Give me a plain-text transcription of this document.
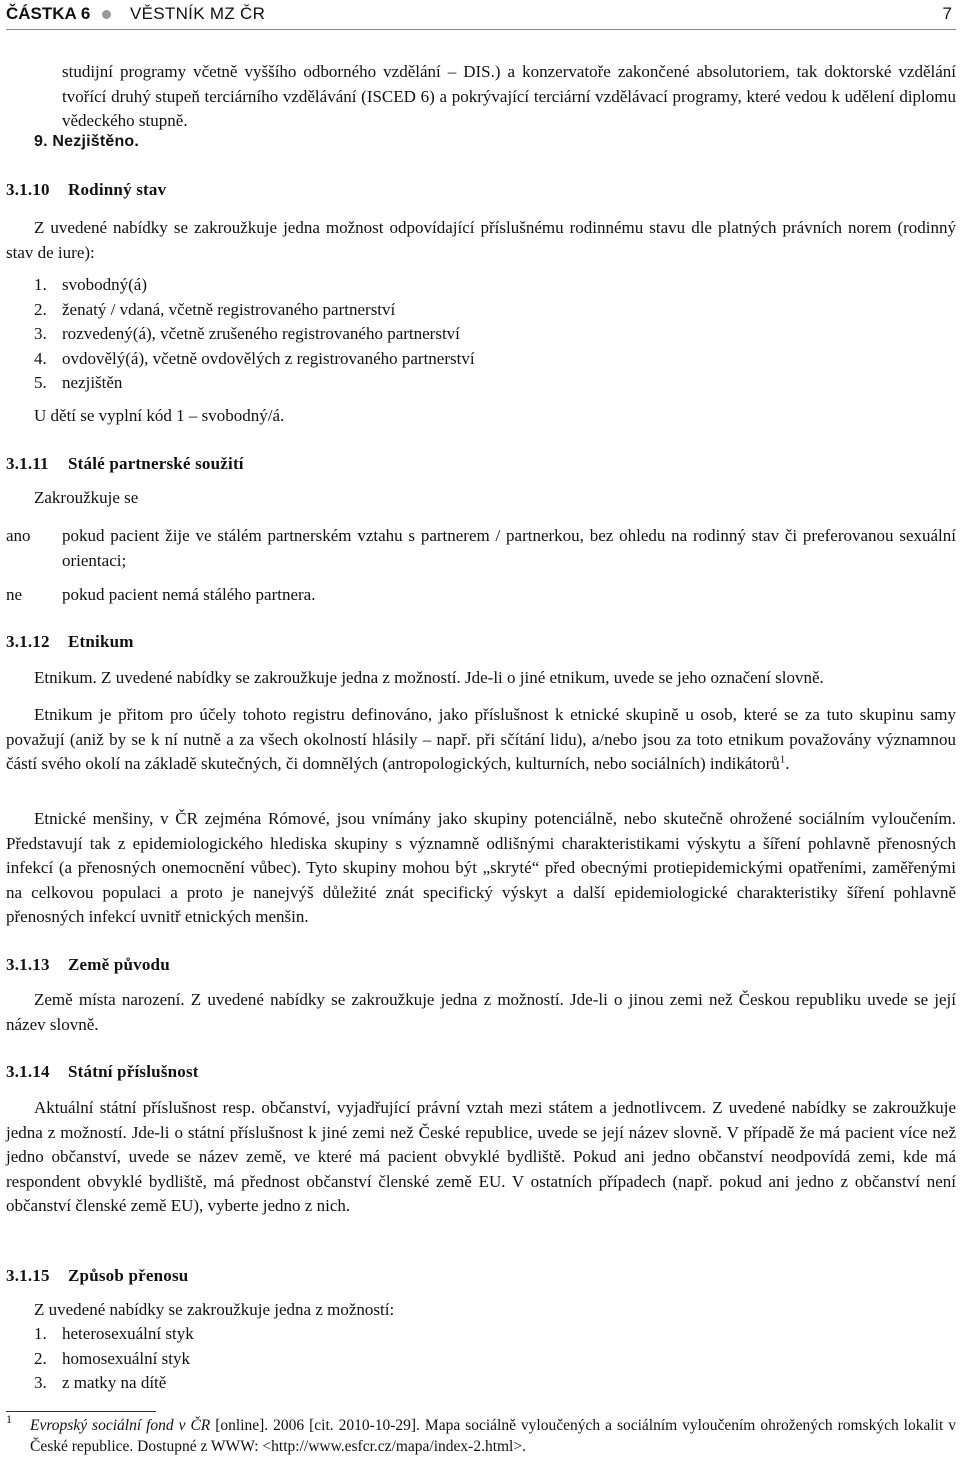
ČÁSTKA 6 VĚSTNÍK MZ ČR	7

studijní programy včetně vyššího odborného vzdělání – DIS.) a konzervatoře zakončené absolutoriem, tak doktorské vzdělání tvořící druhý stupeň terciárního vzdělávání (ISCED 6) a pokrývající terciární vzdělávací programy, které vedou k udělení diplomu vědeckého stupně.

9. Nezjištěno.

3.1.10 Rodinný stav

Z uvedené nabídky se zakroužkuje jedna možnost odpovídající příslušnému rodinnému stavu dle platných právních norem (rodinný stav de iure):

1. svobodný(á)
2. ženatý / vdaná, včetně registrovaného partnerství
3. rozvedený(á), včetně zrušeného registrovaného partnerství
4. ovdovělý(á), včetně ovdovělých z registrovaného partnerství
5. nezjištěn

U dětí se vyplní kód 1 – svobodný/á.

3.1.11 Stálé partnerské soužití

Zakroužkuje se

ano pokud pacient žije ve stálém partnerském vztahu s partnerem / partnerkou, bez ohledu na rodinný stav či preferovanou sexuální orientaci;

ne pokud pacient nemá stálého partnera.

3.1.12 Etnikum

Etnikum. Z uvedené nabídky se zakroužkuje jedna z možností. Jde-li o jiné etnikum, uvede se jeho označení slovně.

Etnikum je přitom pro účely tohoto registru definováno, jako příslušnost k etnické skupině u osob, které se za tuto skupinu samy považují (aniž by se k ní nutně a za všech okolností hlásily – např. při sčítání lidu), a/nebo jsou za toto etnikum považovány významnou částí svého okolí na základě skutečných, či domnělých (antropologických, kulturních, nebo sociálních) indikátorů$^1$.

Etnické menšiny, v ČR zejména Rómové, jsou vnímány jako skupiny potenciálně, nebo skutečně ohrožené sociálním vyloučením. Představují tak z epidemiologického hlediska skupiny s významně odlišnými charakteristikami výskytu a šíření pohlavně přenosných infekcí (a přenosných onemocnění vůbec). Tyto skupiny mohou být „skryté“ před obecnými protiepidemickými opatřeními, zaměřenými na celkovou populaci a proto je nanejvýš důležité znát specifický výskyt a další epidemiologické charakteristiky šíření pohlavně přenosných infekcí uvnitř etnických menšin.

3.1.13 Země původu

Země místa narození. Z uvedené nabídky se zakroužkuje jedna z možností. Jde-li o jinou zemi než Českou republiku uvede se její název slovně.

3.1.14 Státní příslušnost

Aktuální státní příslušnost resp. občanství, vyjadřující právní vztah mezi státem a jednotlivcem. Z uvedené nabídky se zakroužkuje jedna z možností. Jde-li o státní příslušnost k jiné zemi než České republice, uvede se její název slovně. V případě že má pacient více než jedno občanství, uvede se název země, ve které má pacient obvyklé bydliště. Pokud ani jedno občanství neodpovídá zemi, kde má respondent obvyklé bydliště, má přednost občanství členské země EU. V ostatních případech (např. pokud ani jedno z občanství není občanství členské země EU), vyberte jedno z nich.

3.1.15 Způsob přenosu

Z uvedené nabídky se zakroužkuje jedna z možností:

1. heterosexuální styk
2. homosexuální styk
3. z matky na dítě
1 Evropský sociální fond v ČR [online]. 2006 [cit. 2010-10-29]. Mapa sociálně vyloučených a sociálním vyloučením ohrožených romských lokalit v České republice. Dostupné z WWW: <http://www.esfcr.cz/mapa/index-2.html>.
